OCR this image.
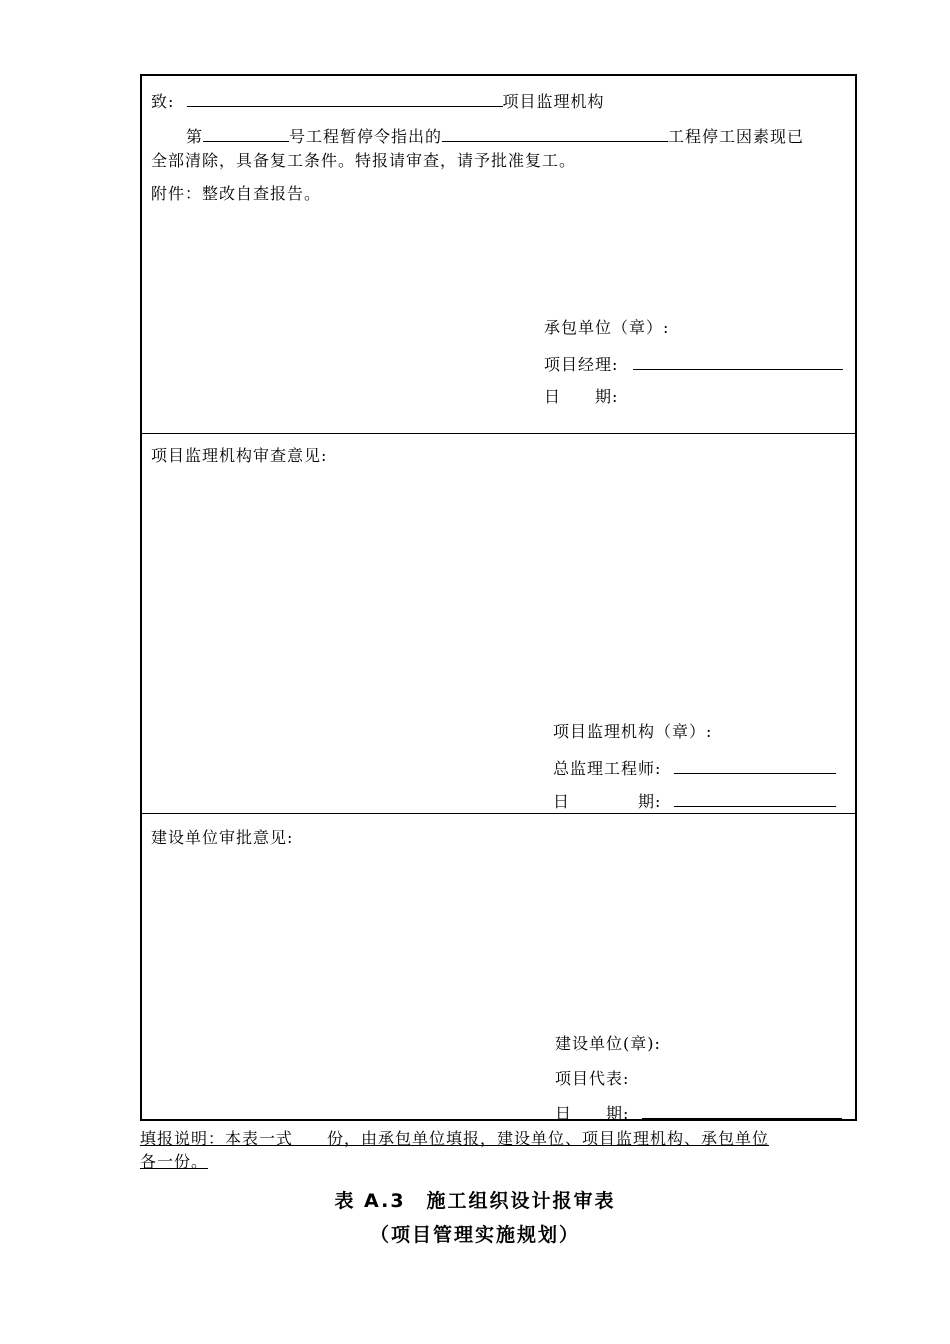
致:	项目监理机构
第	号工程暂停令指出的	工程停工因素现已
全部清除，具备复工条件。特报请审查，请予批准复工。
附件：整改自查报告。
承包单位（章）:
项目经理:
日　　期:
项目监理机构审查意见:
项目监理机构（章）:
总监理工程师:
日　　　　期:
建设单位审批意见:
建设单位(章):
项目代表:
日　　期:
填报说明：本表一式　　份，由承包单位填报，建设单位、项目监理机构、承包单位
各一份。
表 A.3　施工组织设计报审表
（项目管理实施规划）
